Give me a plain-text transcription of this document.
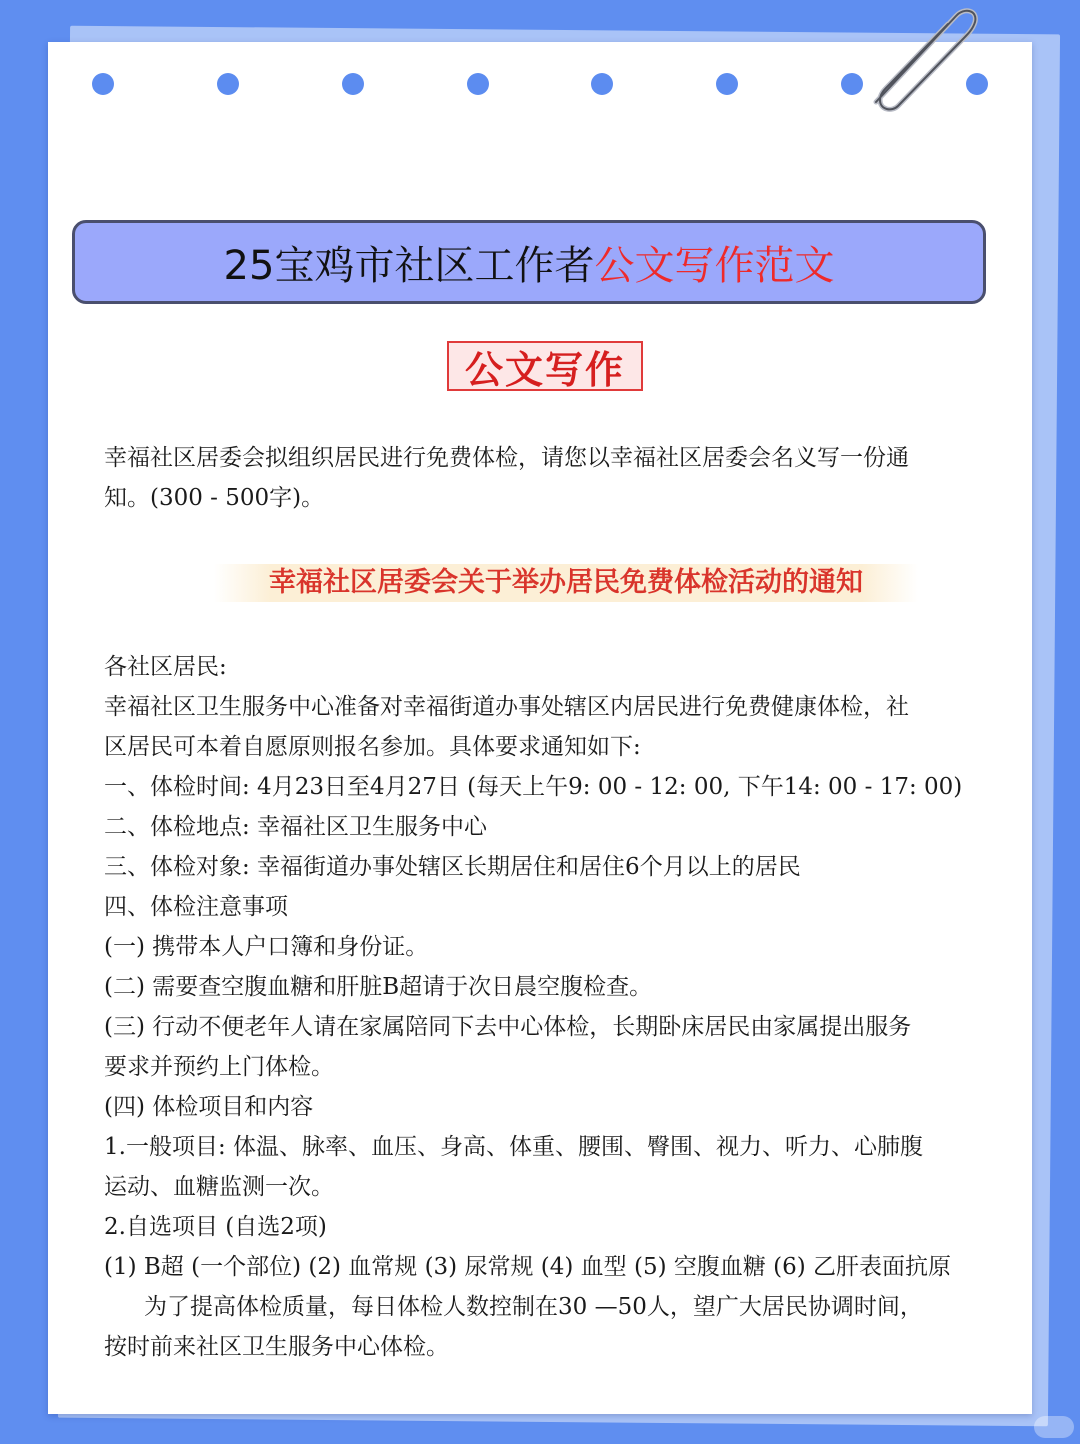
25宝鸡市社区工作者 公文写作范文
公文写作

幸福社区居委会拟组织居民进行免费体检，请您以幸福社区居委会名义写一份通

知。(300 - 500字)。

幸福社区居委会关于举办居民免费体检活动的通知

各社区居民:

幸福社区卫生服务中心准备对幸福街道办事处辖区内居民进行免费健康体检，社

区居民可本着自愿原则报名参加。具体要求通知如下:

一、体检时间: 4月23日至4月27日 (每天上午9: 00 - 12: 00, 下午14: 00 - 17: 00)

二、体检地点: 幸福社区卫生服务中心

三、体检对象: 幸福街道办事处辖区长期居住和居住6个月以上的居民

四、体检注意事项

(一) 携带本人户口簿和身份证。

(二) 需要查空腹血糖和肝脏B超请于次日晨空腹检查。

(三) 行动不便老年人请在家属陪同下去中心体检，长期卧床居民由家属提出服务

要求并预约上门体检。

(四) 体检项目和内容

1.一般项目: 体温、脉率、血压、身高、体重、腰围、臀围、视力、听力、心肺腹

运动、血糖监测一次。

2.自选项目 (自选2项)

(1) B超 (一个部位) (2) 血常规 (3) 尿常规 (4) 血型 (5) 空腹血糖 (6) 乙肝表面抗原

为了提高体检质量，每日体检人数控制在30 —50人，望广大居民协调时间，

按时前来社区卫生服务中心体检。
